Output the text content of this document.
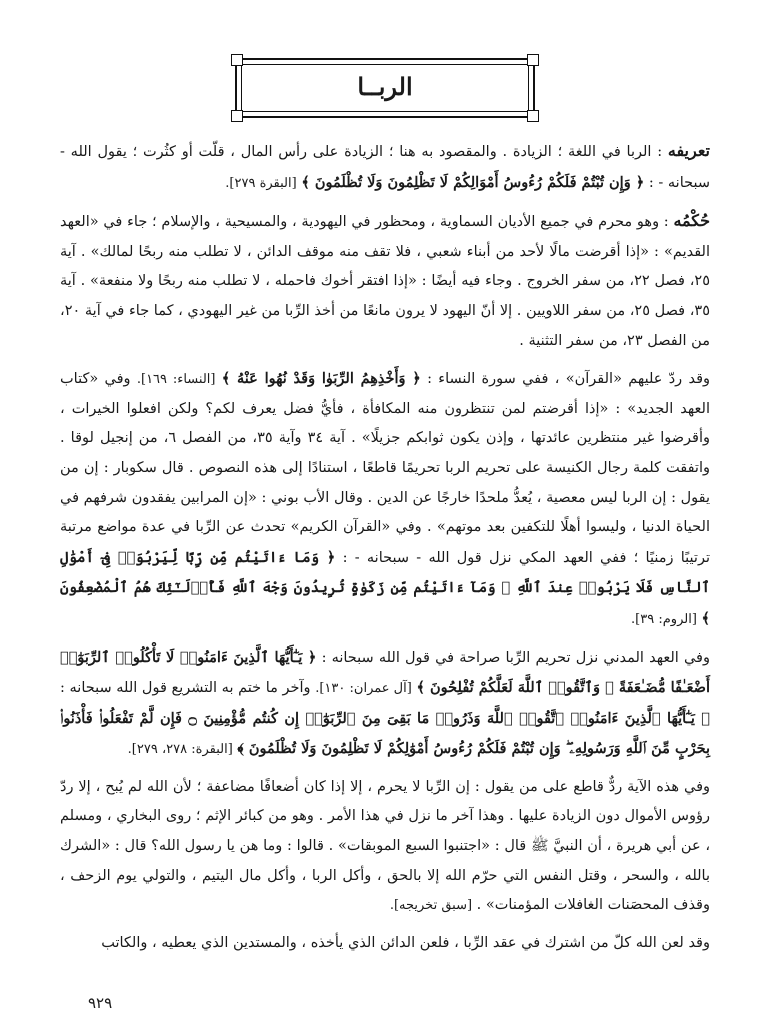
الربــا

تعريفه : الربا في اللغة ؛ الزيادة . والمقصود به هنا ؛ الزيادة على رأس المال ، قلّت أو كثُرت ؛ يقول الله - سبحانه - : ﴿ وَإِن تُبْتُمْ فَلَكُمْ رُءُوسُ أَمْوَالِكُمْ لَا تَظْلِمُونَ وَلَا تُظْلَمُونَ ﴾ [البقرة ٢٧٩].

حُكْمُه : وهو محرم في جميع الأديان السماوية ، ومحظور في اليهودية ، والمسيحية ، والإسلام ؛ جاء في «العهد القديم» : «إذا أقرضت مالًا لأحد من أبناء شعبي ، فلا تقف منه موقف الدائن ، لا تطلب منه ربحًا لمالك» . آية ٢٥، فصل ٢٢، من سفر الخروج . وجاء فيه أيضًا : «إذا افتقر أخوك فاحمله ، لا تطلب منه ربحًا ولا منفعة» . آية ٣٥، فصل ٢٥، من سفر اللاويين . إلا أنّ اليهود لا يرون مانعًا من أخذ الرِّبا من غير اليهودي ، كما جاء في آية ٢٠، من الفصل ٢٣، من سفر التثنية .

وقد ردّ عليهم «القرآن» ، ففي سورة النساء : ﴿ وَأَخْذِهِمُ الرِّبَوٰا وَقَدْ نُهُوا عَنْهُ ﴾ [النساء: ١٦٩]. وفي «كتاب العهد الجديد» : «إذا أقرضتم لمن تنتظرون منه المكافأة ، فأيُّ فضل يعرف لكم؟ ولكن افعلوا الخيرات ، وأقرضوا غير منتظرين عائدتها ، وإذن يكون ثوابكم جزيلًا» . آية ٣٤ وآية ٣٥، من الفصل ٦، من إنجيل لوقا . واتفقت كلمة رجال الكنيسة على تحريم الربا تحريمًا قاطعًا ، استنادًا إلى هذه النصوص . قال سكوبار : إن من يقول : إن الربا ليس معصية ، يُعدُّ ملحدًا خارجًا عن الدين . وقال الأب بوني : «إن المرابين يفقدون شرفهم في الحياة الدنيا ، وليسوا أهلًا للتكفين بعد موتهم» . وفي «القرآن الكريم» تحدث عن الرِّبا في عدة مواضع مرتبة ترتيبًا زمنيًا ؛ ففي العهد المكي نزل قول الله - سبحانه - : ﴿ وَمَا ءَاتَيْتُم مِّن رِّبًا لِّيَرْبُوَا۟ فِىٓ أَمْوَٰلِ ٱلنَّاسِ فَلَا يَرْبُوا۟ عِندَ ٱللَّهِ ۖ وَمَآ ءَاتَيْتُم مِّن زَكَوٰةٍ تُرِيدُونَ وَجْهَ ٱللَّهِ فَأُو۟لَـٰٓئِكَ هُمُ ٱلْمُضْعِفُونَ ﴾ [الروم: ٣٩].

وفي العهد المدني نزل تحريم الرِّبا صراحة في قول الله سبحانه : ﴿ يَـٰٓأَيُّهَا ٱلَّذِينَ ءَامَنُوا۟ لَا تَأْكُلُوا۟ ٱلرِّبَوٰٓا۟ أَضْعَـٰفًا مُّضَـٰعَفَةً ۖ وَٱتَّقُوا۟ ٱللَّهَ لَعَلَّكُمْ تُفْلِحُونَ ﴾ [آل عمران: ١٣٠]. وآخر ما ختم به التشريع قول الله سبحانه : ﴿ يَـٰٓأَيُّهَا ٱلَّذِينَ ءَامَنُوا۟ ٱتَّقُوا۟ ٱللَّهَ وَذَرُوا۟ مَا بَقِىَ مِنَ ٱلرِّبَوٰٓا۟ إِن كُنتُم مُّؤْمِنِينَ ۝ فَإِن لَّمْ تَفْعَلُوا۟ فَأْذَنُوا۟ بِحَرْبٍ مِّنَ ٱللَّهِ وَرَسُولِهِۦ ۖ وَإِن تُبْتُمْ فَلَكُمْ رُءُوسُ أَمْوَٰلِكُمْ لَا تَظْلِمُونَ وَلَا تُظْلَمُونَ ﴾ [البقرة: ٢٧٨، ٢٧٩].

وفي هذه الآية ردٌّ قاطع على من يقول : إن الرِّبا لا يحرم ، إلا إذا كان أضعافًا مضاعفة ؛ لأن الله لم يُبح ، إلا ردّ رؤوس الأموال دون الزيادة عليها . وهذا آخر ما نزل في هذا الأمر . وهو من كبائر الإثم ؛ روى البخاري ، ومسلم ، عن أبي هريرة ، أن النبيَّ ﷺ قال : «اجتنبوا السبع الموبقات» . قالوا : وما هن يا رسول الله؟ قال : «الشرك بالله ، والسحر ، وقتل النفس التي حرّم الله إلا بالحق ، وأكل الربا ، وأكل مال اليتيم ، والتولي يوم الزحف ، وقذف المحصَنات الغافلات المؤمنات» . [سبق تخريجه].

وقد لعن الله كلّ من اشترك في عقد الرِّبا ، فلعن الدائن الذي يأخذه ، والمستدين الذي يعطيه ، والكاتب

٩٢٩
